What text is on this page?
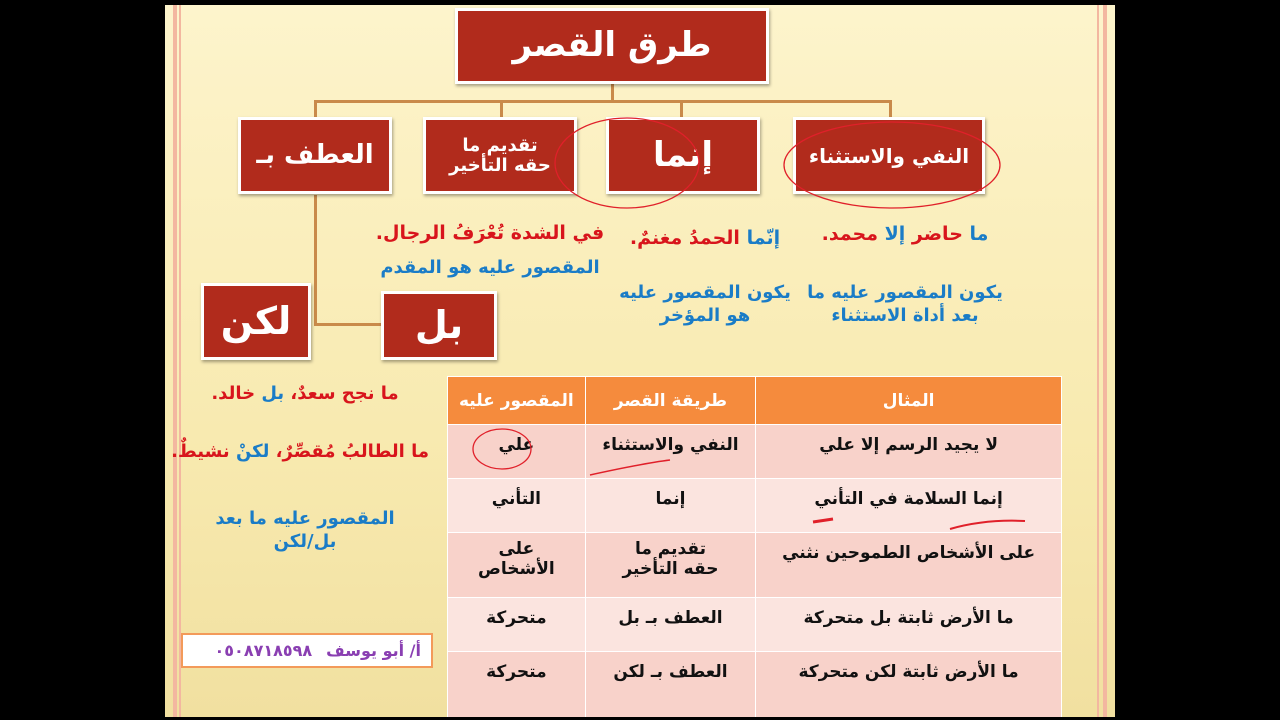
طرق القصر
النفي والاستثناء
إنما
تقديم ما حقه التأخير
العطف بـ
بل
لكن
ما حاضر إلا محمد.
يكون المقصور عليه ما
بعد أداة الاستثناء
إنّما الحمدُ مغنمٌ.
يكون المقصور عليه
هو المؤخر
في الشدة تُعْرَفُ الرجال.
المقصور عليه هو المقدم
ما نجح سعدٌ، بل خالد.
ما الطالبُ مُقصِّرٌ، لكنْ نشيطٌ.
المقصور عليه ما بعد
بل/لكن
المثال	طريقة القصر	المقصور عليه
لا يجيد الرسم إلا علي	النفي والاستثناء	علي
إنما السلامة في التأني	إنما	التأني
على الأشخاص الطموحين نثني	تقديم ما حقه التأخير	على الأشخاص
ما الأرض ثابتة بل متحركة	العطف بـ بل	متحركة
ما الأرض ثابتة لكن متحركة	العطف بـ لكن	متحركة
أ/ أبو يوسف
٠٥٠٨٧١٨٥٩٨
